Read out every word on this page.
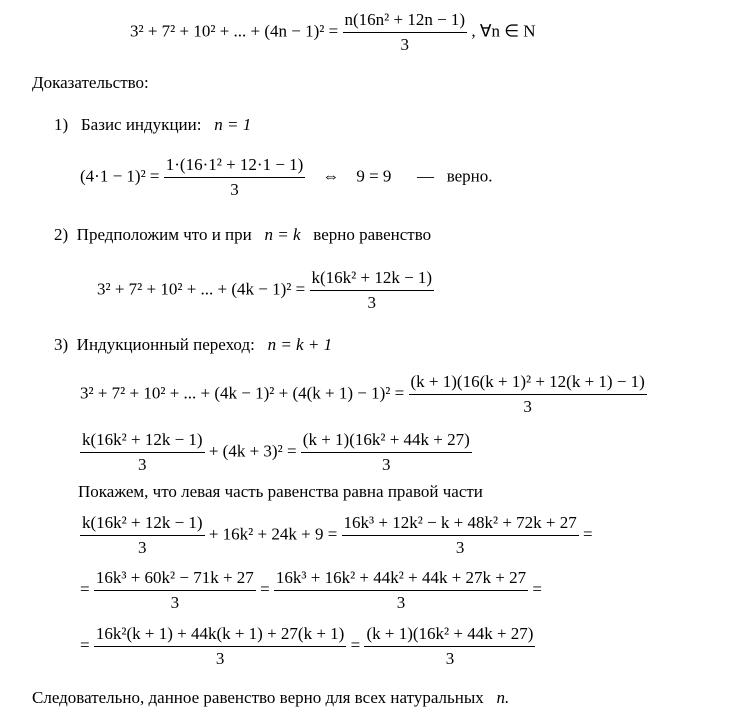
3² + 7² + 10² + ... + $(4n - 1)^2 = \frac{\text{n(16n² + 12n − 1)}}{3}$ , ∀n ∈ N
Доказательство:
1) Базис индукции: n = 1
$(4\cdot 1 - 1)^2 = \frac{\text{1·(16·1² + 12·1 − 1)}}{3}$ ⇔ 9 = 9 — верно.
2) Предположим что и при n = k верно равенство
3² + 7² + 10² + ... + $(4k - 1)^2 = \frac{\text{k(16k² + 12k − 1)}}{3}$
3) Индукционный переход: n = k + 1
3² + 7² + 10² + ... + $(4k - 1)^2 + (4(k + 1) - 1)^2 = \frac{\text{(k + 1)(16(k + 1)² + 12(k + 1) − 1)}}{3}$
$\frac{\text{k(16k² + 12k − 1)}}{3} + (4k + 3)^2 = \frac{\text{(k + 1)(16k² + 44k + 27)}}{3}$
Покажем, что левая часть равенства равна правой части
$\frac{\text{k(16k² + 12k − 1)}}{3} + 16k^2 + 24k + 9 = \frac{\text{16k³ + 12k² − k + 48k² + 72k + 27}}{3}$ =
= $\frac{\text{16k³ + 60k² − 71k + 27}}{3} = \frac{\text{16k³ + 16k² + 44k² + 44k + 27k + 27}}{3}$ =
= $\frac{\text{16k²(k + 1) + 44k(k + 1) + 27(k + 1)}}{3} = \frac{\text{(k + 1)(16k² + 44k + 27)}}{3}$
Следовательно, данное равенство верно для всех натуральных n.
